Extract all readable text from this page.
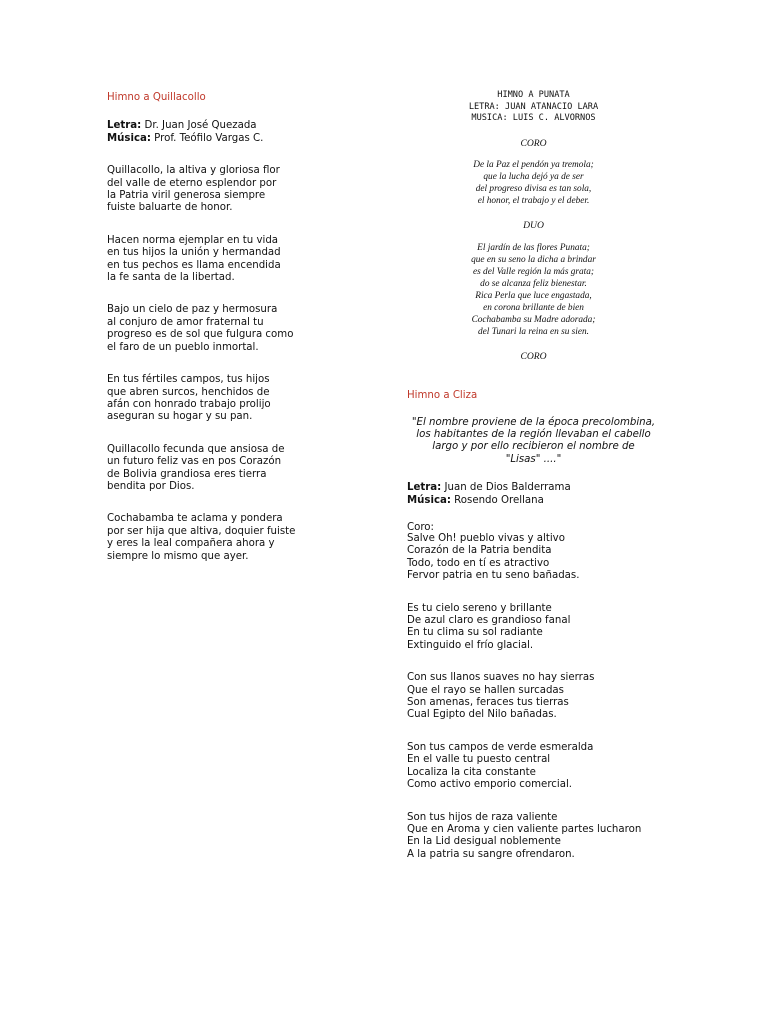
Himno a Quillacollo
Letra: Dr. Juan José Quezada
Música: Prof. Teófilo Vargas C.
Quillacollo, la altiva y gloriosa flor
del valle de eterno esplendor por
la Patria viril generosa siempre
fuiste baluarte de honor.
Hacen norma ejemplar en tu vida
en tus hijos la unión y hermandad
en tus pechos es llama encendida
la fe santa de la libertad.
Bajo un cielo de paz y hermosura
al conjuro de amor fraternal tu
progreso es de sol que fulgura como
el faro de un pueblo inmortal.
En tus fértiles campos, tus hijos
que abren surcos, henchidos de
afán con honrado trabajo prolijo
aseguran su hogar y su pan.
Quillacollo fecunda que ansiosa de
un futuro feliz vas en pos Corazón
de Bolivia grandiosa eres tierra
bendita por Dios.
Cochabamba te aclama y pondera
por ser hija que altiva, doquier fuiste
y eres la leal compañera ahora y
siempre lo mismo que ayer.
HIMNO A PUNATA
LETRA: JUAN ATANACIO LARA
MUSICA: LUIS C. ALVORNOS
CORO
De la Paz el pendón ya tremola;
que la lucha dejó ya de ser
del progreso divisa es tan sola,
el honor, el trabajo y el deber.
DUO
El jardín de las flores Punata;
que en su seno la dicha a brindar
es del Valle región la más grata;
do se alcanza feliz bienestar.
Rica Perla que luce engastada,
en corona brillante de bien
Cochabamba su Madre adorada;
del Tunari la reina en su sien.
CORO
Himno a Cliza
"El nombre proviene de la época precolombina,
los habitantes de la región llevaban el cabello
largo y por ello recibieron el nombre de
"Lisas" ...."
Letra: Juan de Dios Balderrama
Música: Rosendo Orellana
Coro:
Salve Oh! pueblo vivas y altivo
Corazón de la Patria bendita
Todo, todo en tí es atractivo
Fervor patria en tu seno bañadas.
Es tu cielo sereno y brillante
De azul claro es grandioso fanal
En tu clima su sol radiante
Extinguido el frío glacial.
Con sus llanos suaves no hay sierras
Que el rayo se hallen surcadas
Son amenas, feraces tus tierras
Cual Egipto del Nilo bañadas.
Son tus campos de verde esmeralda
En el valle tu puesto central
Localiza la cita constante
Como activo emporio comercial.
Son tus hijos de raza valiente
Que en Aroma y cien valiente partes lucharon
En la Lid desigual noblemente
A la patria su sangre ofrendaron.
